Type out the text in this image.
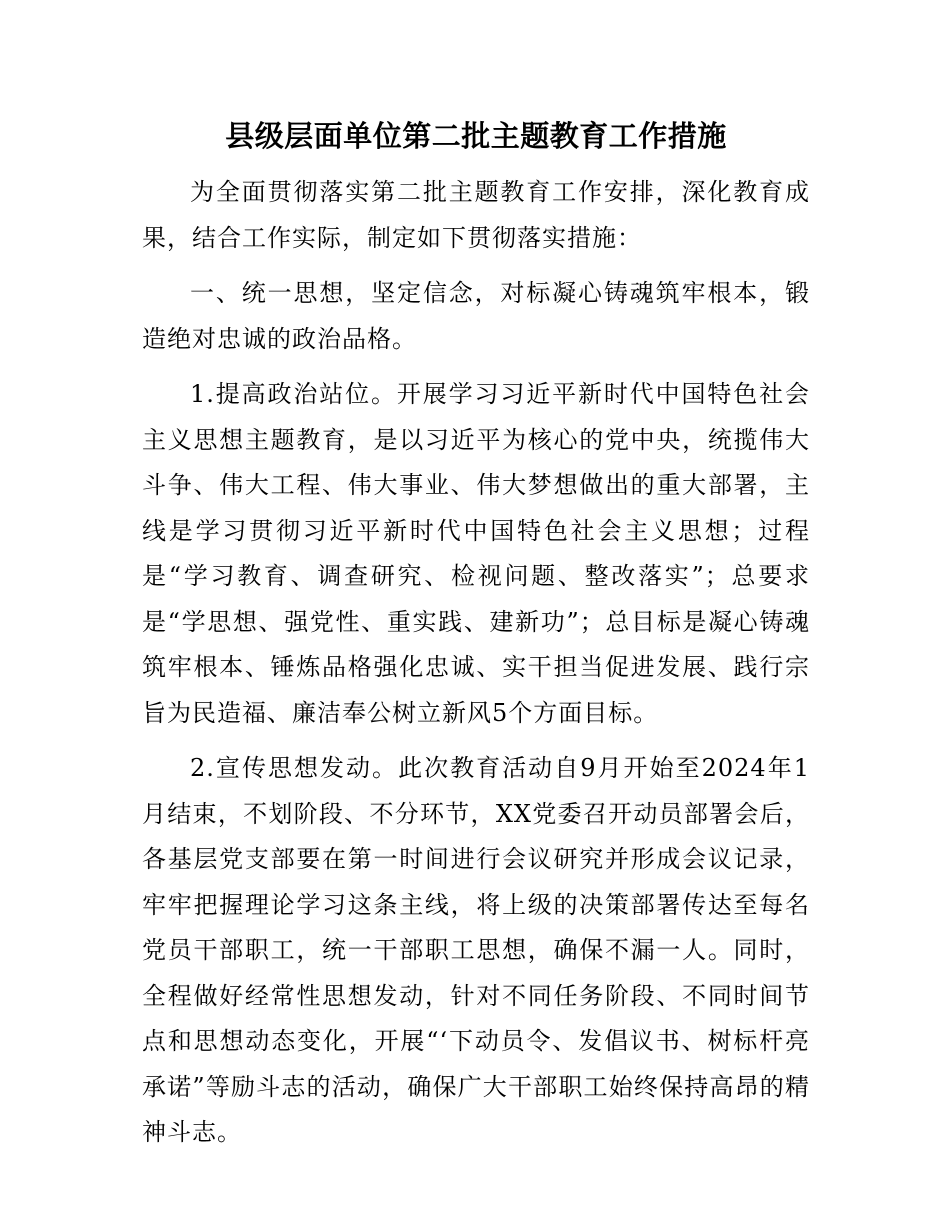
县级层面单位第二批主题教育工作措施

为全面贯彻落实第二批主题教育工作安排，深化教育成果，结合工作实际，制定如下贯彻落实措施：

一、统一思想，坚定信念，对标凝心铸魂筑牢根本，锻造绝对忠诚的政治品格。

1.提高政治站位。开展学习习近平新时代中国特色社会主义思想主题教育，是以习近平为核心的党中央，统揽伟大斗争、伟大工程、伟大事业、伟大梦想做出的重大部署，主线是学习贯彻习近平新时代中国特色社会主义思想；过程是“学习教育、调查研究、检视问题、整改落实”；总要求是“学思想、强党性、重实践、建新功”；总目标是凝心铸魂筑牢根本、锤炼品格强化忠诚、实干担当促进发展、践行宗旨为民造福、廉洁奉公树立新风5个方面目标。

2.宣传思想发动。此次教育活动自9月开始至2024年1月结束，不划阶段、不分环节，XX党委召开动员部署会后，各基层党支部要在第一时间进行会议研究并形成会议记录，牢牢把握理论学习这条主线，将上级的决策部署传达至每名党员干部职工，统一干部职工思想，确保不漏一人。同时，全程做好经常性思想发动，针对不同任务阶段、不同时间节点和思想动态变化，开展“‘下动员令、发倡议书、树标杆亮承诺”等励斗志的活动，确保广大干部职工始终保持高昂的精神斗志。
